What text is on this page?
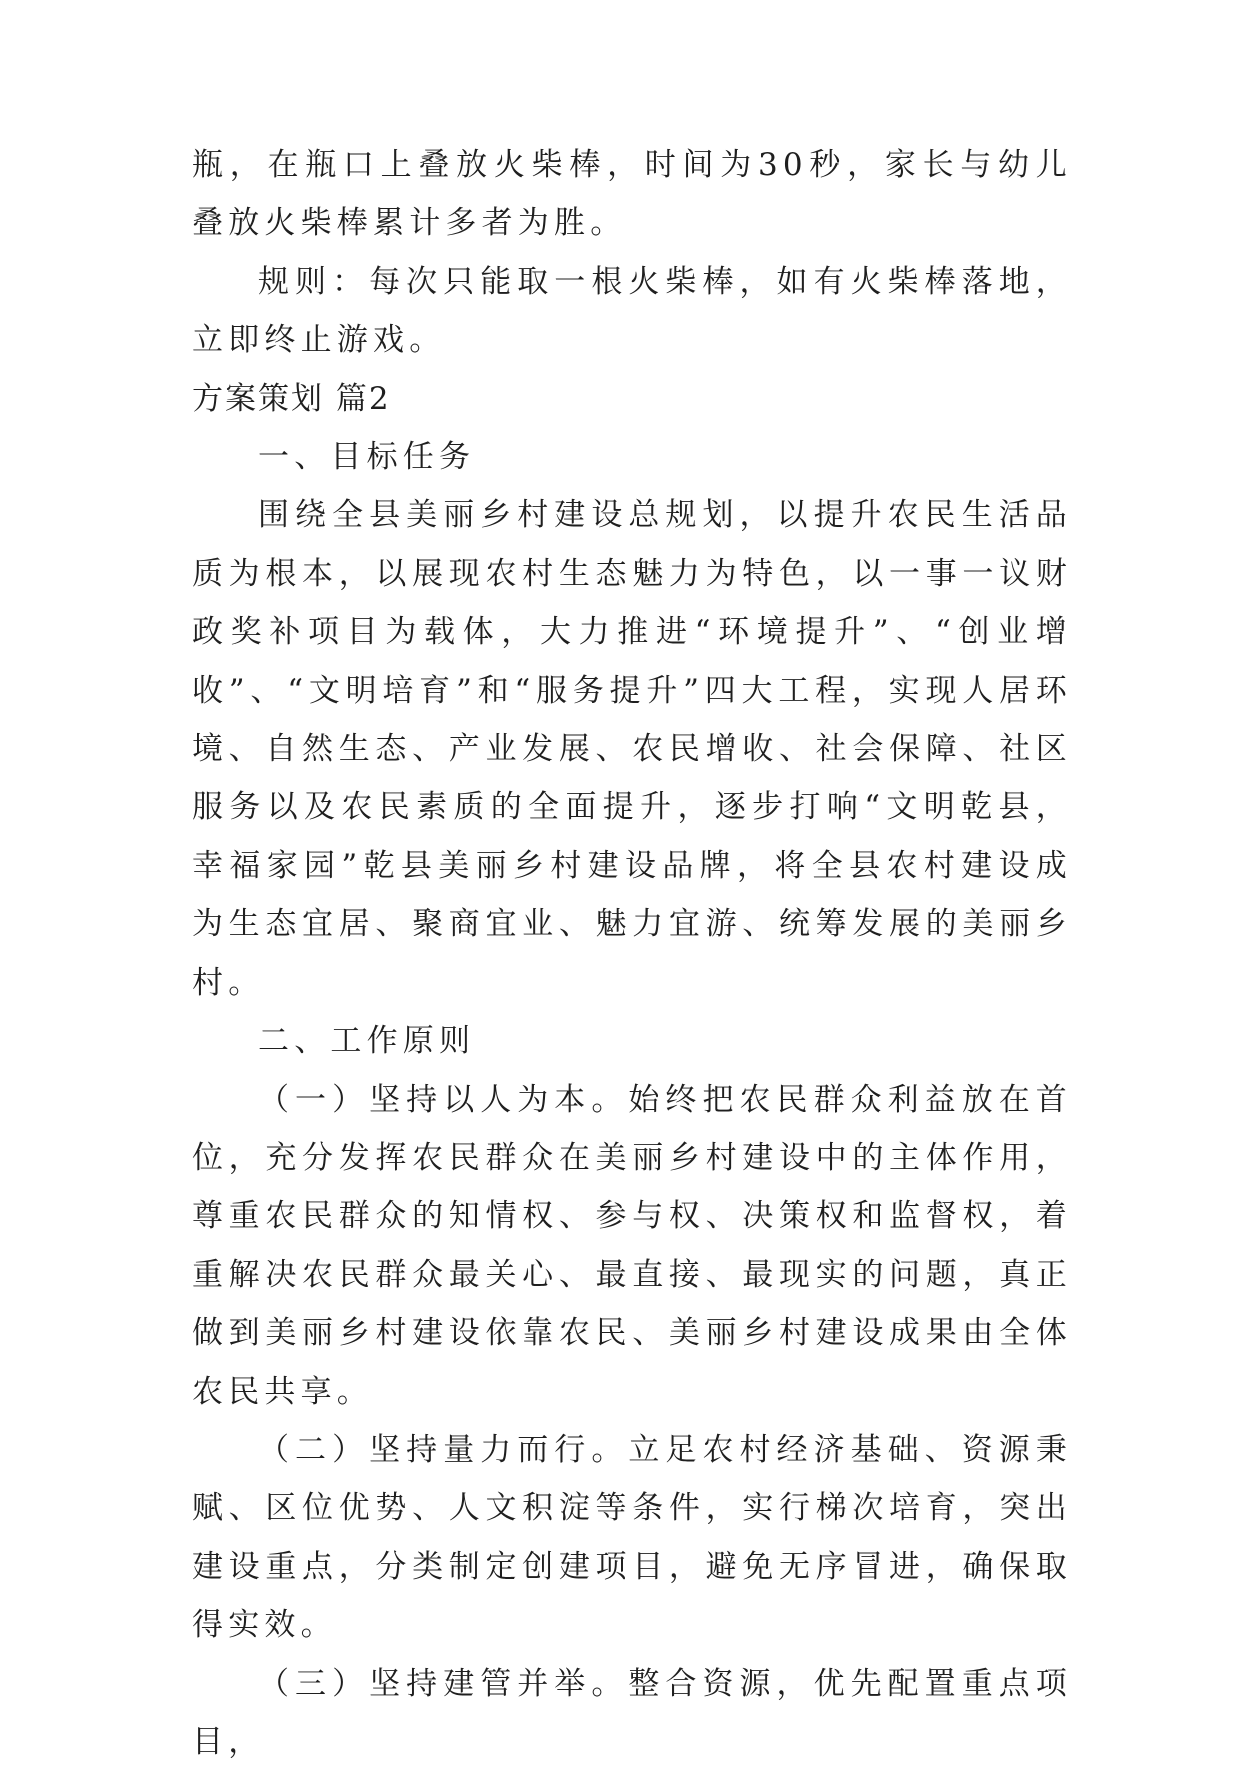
瓶，在瓶口上叠放火柴棒，时间为30秒，家长与幼儿叠放火柴棒累计多者为胜。

规则：每次只能取一根火柴棒，如有火柴棒落地，立即终止游戏。

方案策划 篇2

一、目标任务

围绕全县美丽乡村建设总规划，以提升农民生活品质为根本，以展现农村生态魅力为特色，以一事一议财政奖补项目为载体，大力推进“环境提升”、“创业增收”、“文明培育”和“服务提升”四大工程，实现人居环境、自然生态、产业发展、农民增收、社会保障、社区服务以及农民素质的全面提升，逐步打响“文明乾县，幸福家园”乾县美丽乡村建设品牌，将全县农村建设成为生态宜居、聚商宜业、魅力宜游、统筹发展的美丽乡村。

二、工作原则

（一）坚持以人为本。始终把农民群众利益放在首位，充分发挥农民群众在美丽乡村建设中的主体作用，尊重农民群众的知情权、参与权、决策权和监督权，着重解决农民群众最关心、最直接、最现实的问题，真正做到美丽乡村建设依靠农民、美丽乡村建设成果由全体农民共享。

（二）坚持量力而行。立足农村经济基础、资源秉赋、区位优势、人文积淀等条件，实行梯次培育，突出建设重点，分类制定创建项目，避免无序冒进，确保取得实效。

（三）坚持建管并举。整合资源，优先配置重点项目，
